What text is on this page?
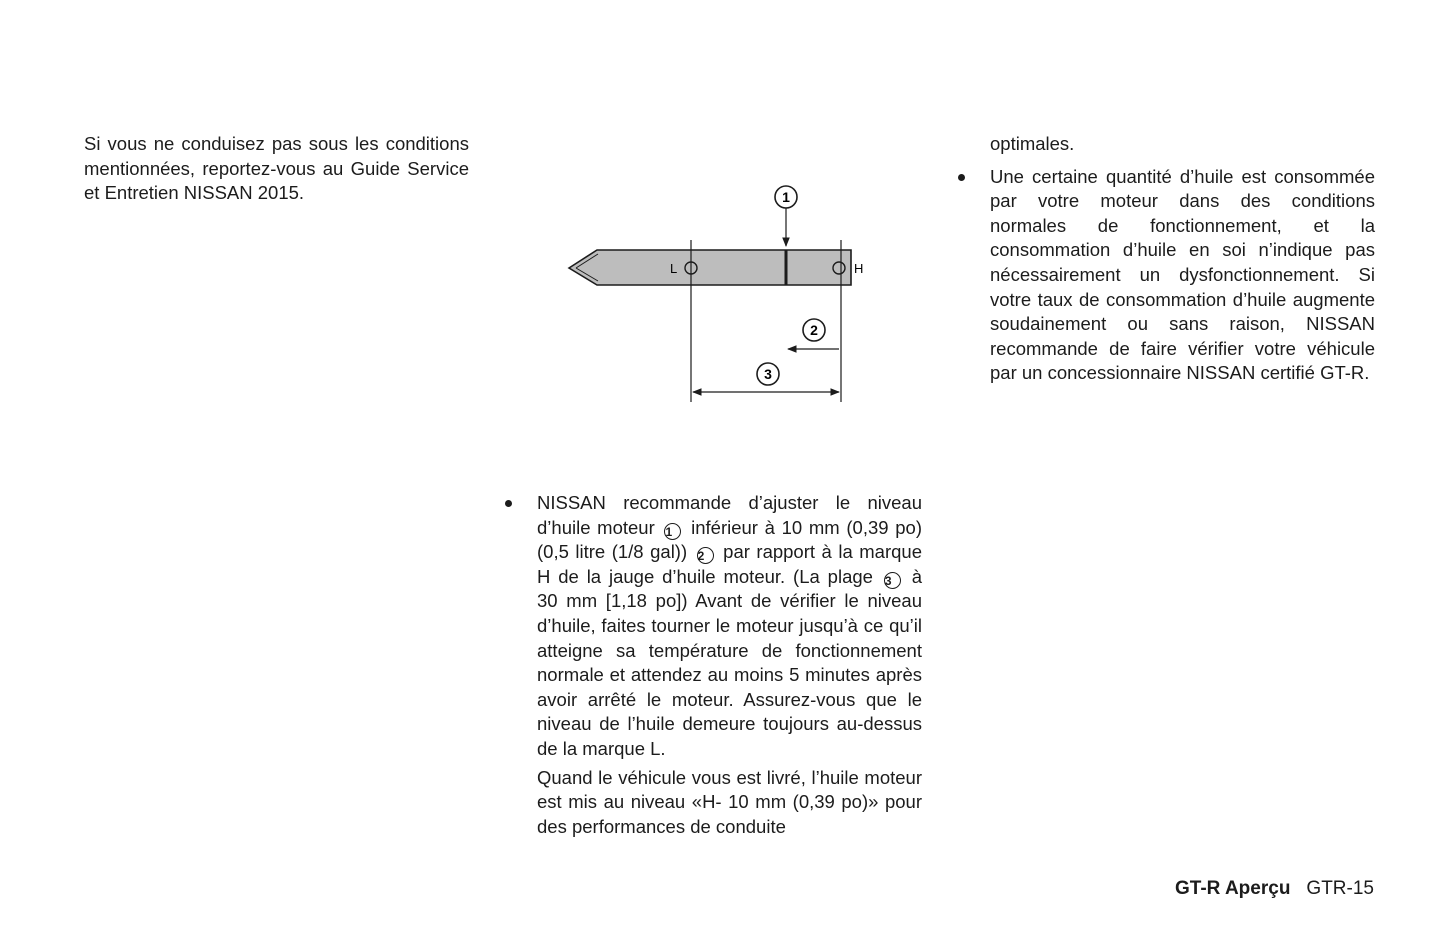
Si vous ne conduisez pas sous les conditions mentionnées, reportez-vous au Guide Service et Entretien NISSAN 2015.

L	H
1
2
3
NISSAN recommande d’ajuster le niveau d’huile moteur 1 inférieur à 10 mm (0,39 po) (0,5 litre (1/8 gal)) 2 par rapport à la marque H de la jauge d’huile moteur. (La plage 3 à 30 mm [1,18 po]) Avant de vérifier le niveau d’huile, faites tourner le moteur jusqu’à ce qu’il atteigne sa température de fonctionnement normale et attendez au moins 5 minutes après avoir arrêté le moteur. Assurez-vous que le niveau de l’huile demeure toujours au-dessus de la marque L.

Quand le véhicule vous est livré, l’huile moteur est mis au niveau «H- 10 mm (0,39 po)» pour des performances de conduite

optimales.

Une certaine quantité d’huile est consommée par votre moteur dans des conditions normales de fonctionnement, et la consommation d’huile en soi n’indique pas nécessairement un dysfonctionnement. Si votre taux de consommation d’huile augmente soudainement ou sans raison, NISSAN recommande de faire vérifier votre véhicule par un concessionnaire NISSAN certifié GT-R.
GT-R Aperçu GTR-15
